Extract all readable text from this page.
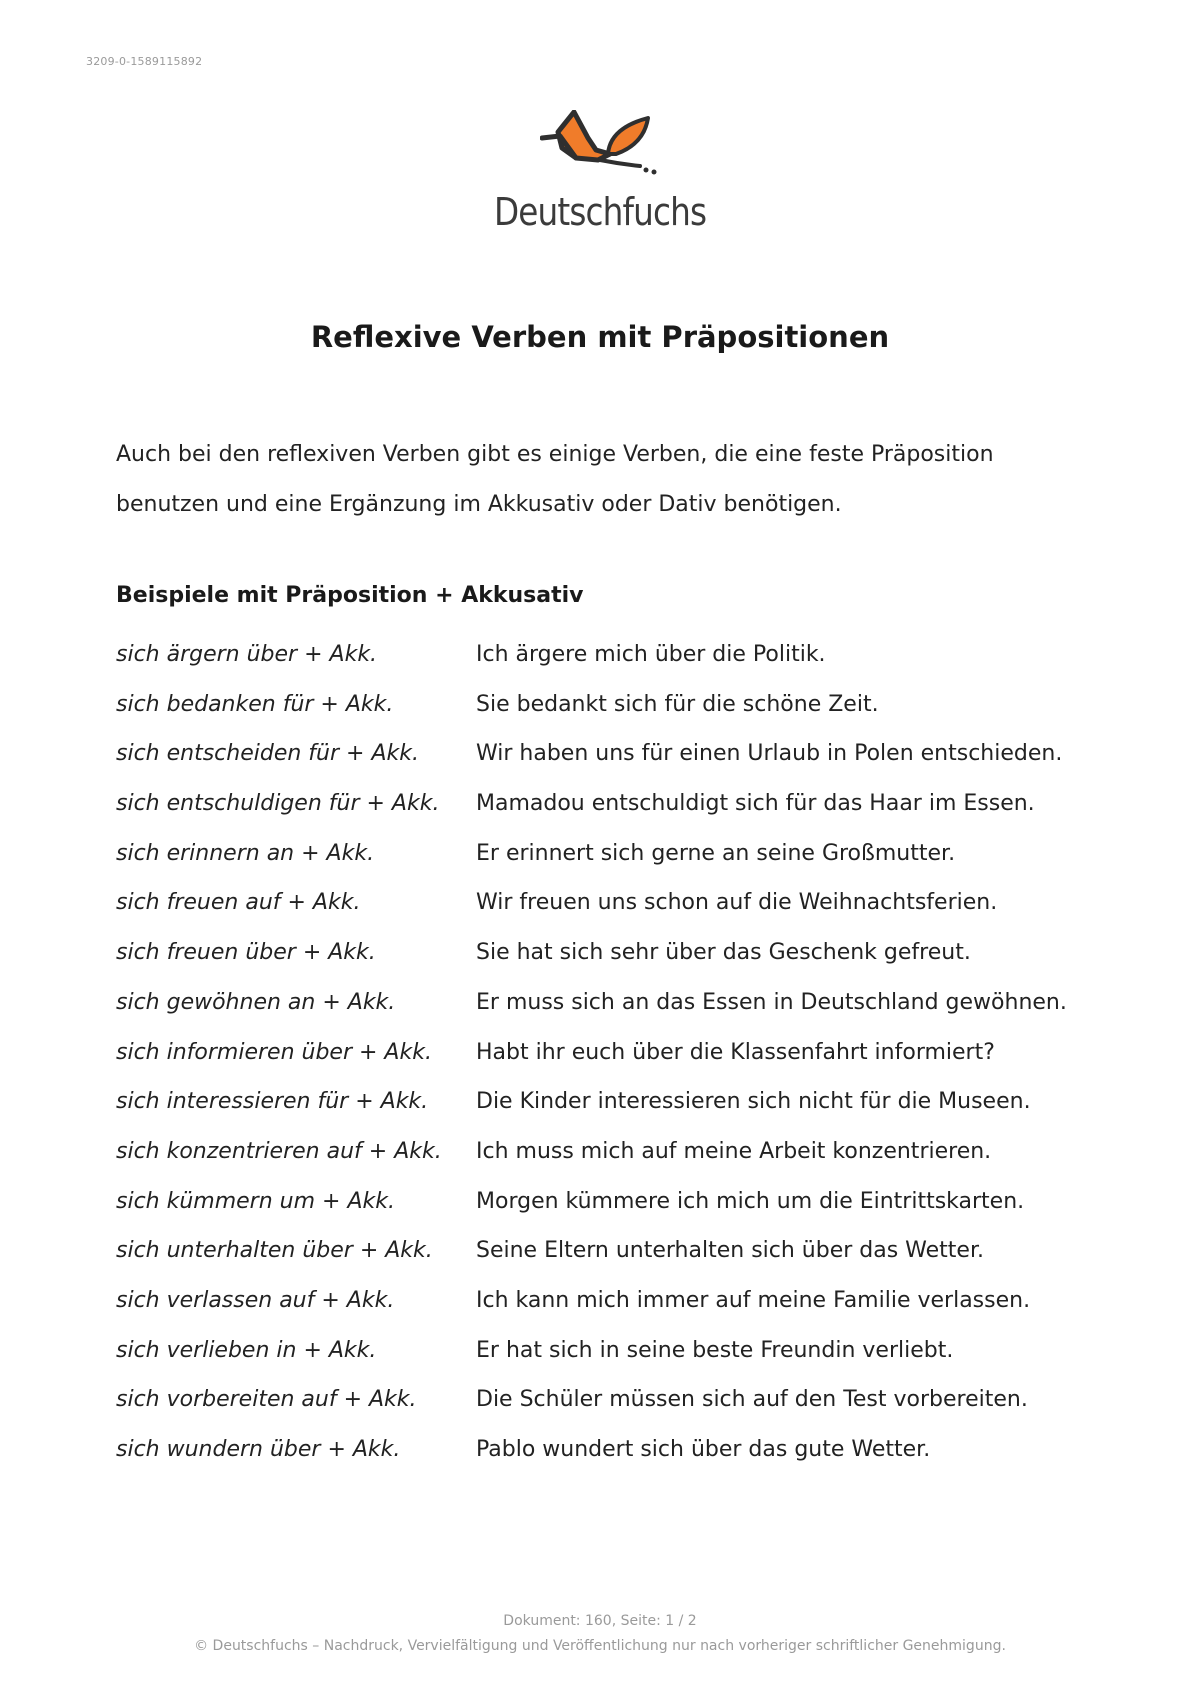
3209-0-1589115892
Deutschfuchs
Reflexive Verben mit Präpositionen

Auch bei den reflexiven Verben gibt es einige Verben, die eine feste Präposition

benutzen und eine Ergänzung im Akkusativ oder Dativ benötigen.

Beispiele mit Präposition + Akkusativ
sich ärgern über + Akk.	Ich ärgere mich über die Politik.
sich bedanken für + Akk.	Sie bedankt sich für die schöne Zeit.
sich entscheiden für + Akk.	Wir haben uns für einen Urlaub in Polen entschieden.
sich entschuldigen für + Akk. Mamadou entschuldigt sich für das Haar im Essen.
sich erinnern an + Akk.	Er erinnert sich gerne an seine Großmutter.
sich freuen auf + Akk.	Wir freuen uns schon auf die Weihnachtsferien.
sich freuen über + Akk.	Sie hat sich sehr über das Geschenk gefreut.
sich gewöhnen an + Akk.	Er muss sich an das Essen in Deutschland gewöhnen.
sich informieren über + Akk. Habt ihr euch über die Klassenfahrt informiert?
sich interessieren für + Akk. Die Kinder interessieren sich nicht für die Museen.
sich konzentrieren auf + Akk. Ich muss mich auf meine Arbeit konzentrieren.
sich kümmern um + Akk.	Morgen kümmere ich mich um die Eintrittskarten.
sich unterhalten über + Akk. Seine Eltern unterhalten sich über das Wetter.
sich verlassen auf + Akk.	Ich kann mich immer auf meine Familie verlassen.
sich verlieben in + Akk.	Er hat sich in seine beste Freundin verliebt.
sich vorbereiten auf + Akk.	Die Schüler müssen sich auf den Test vorbereiten.
sich wundern über + Akk.	Pablo wundert sich über das gute Wetter.
Dokument: 160, Seite: 1 / 2
© Deutschfuchs – Nachdruck, Vervielfältigung und Veröffentlichung nur nach vorheriger schriftlicher Genehmigung.
